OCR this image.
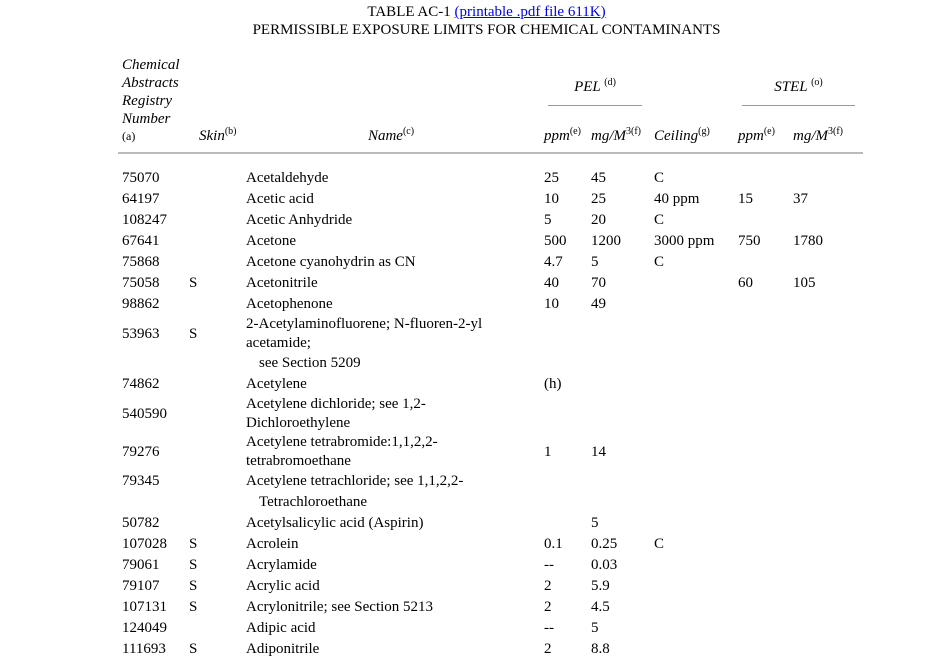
TABLE AC-1 (printable .pdf file 611K)
PERMISSIBLE EXPOSURE LIMITS FOR CHEMICAL CONTAMINANTS
Chemical
Abstracts
Registry
Number
(a)			PEL $^{(d)}$			STEL $^{(o)}$

	Skin$^{(b)}$	Name$^{(c)}$	ppm$^{(e)}$	$mg/M^{3(f)}$	Ceiling$^{(g)}$	ppm$^{(e)}$	$mg/M^{3(f)}$

75070		Acetaldehyde	25	45	C		
64197		Acetic acid	10	25	40 ppm	15	37
108247		Acetic Anhydride	5	20	C		
67641		Acetone	500	1200	3000 ppm	750	1780
75868		Acetone cyanohydrin as CN	4.7	5	C		
75058	S	Acetonitrile	40	70		60	105
98862		Acetophenone	10	49			
53963	S	2-Acetylaminofluorene; N-fluoren-2-yl
acetamide;					

		see Section 5209					

74862		Acetylene	(h)				
540590		Acetylene dichloride; see 1,2-
Dichloroethylene					

79276		Acetylene tetrabromide:1,1,2,2-
tetrabromoethane	1	14			
79345		Acetylene tetrachloride; see 1,1,2,2-					

		Tetrachloroethane					

50782		Acetylsalicylic acid (Aspirin)		5			
107028	S	Acrolein	0.1	0.25	C		
79061	S	Acrylamide	--	0.03			
79107	S	Acrylic acid	2	5.9			
107131	S	Acrylonitrile; see Section 5213	2	4.5			
124049		Adipic acid	--	5			
111693	S	Adiponitrile	2	8.8			
